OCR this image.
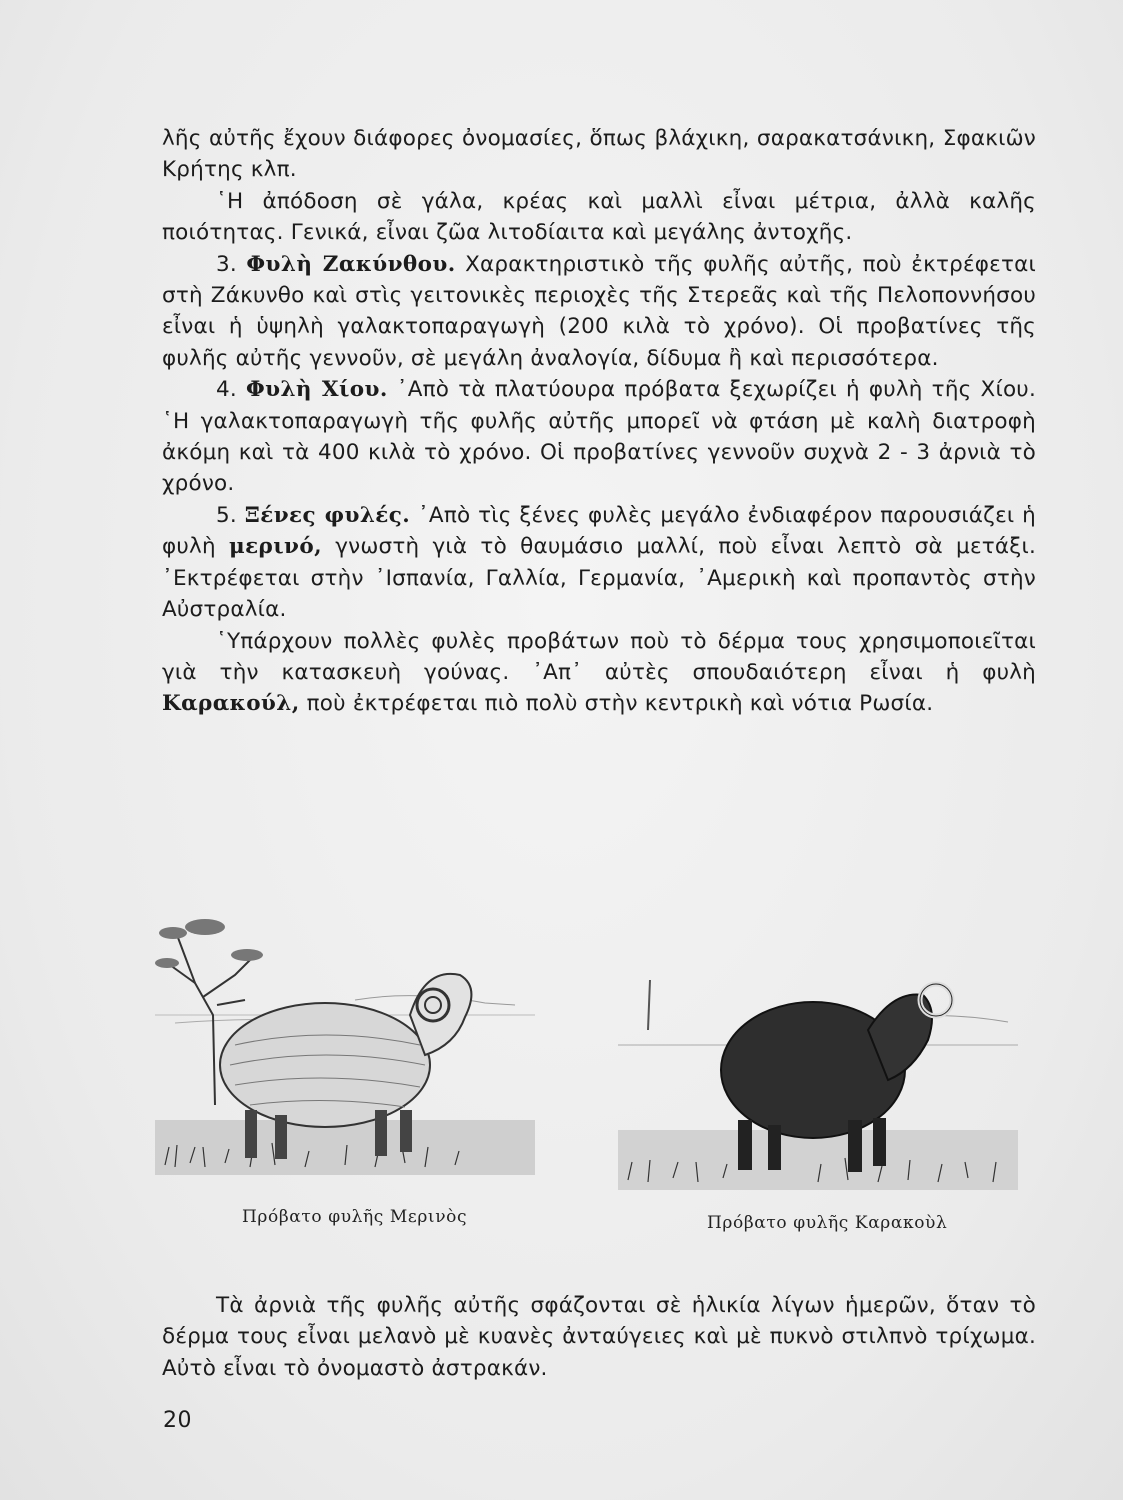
λῆς αὐτῆς ἔχουν διάφορες ὀνομασίες, ὅπως βλάχικη, σαρακατσάνικη, Σφακιῶν Κρήτης κλπ.

῾Η ἀπόδοση σὲ γάλα, κρέας καὶ μαλλὶ εἶναι μέτρια, ἀλλὰ καλῆς ποιότητας. Γενικά, εἶναι ζῶα λιτοδίαιτα καὶ μεγάλης ἀντοχῆς.

3. Φυλὴ Ζακύνθου. Χαρακτηριστικὸ τῆς φυλῆς αὐτῆς, ποὺ ἐκτρέφεται στὴ Ζάκυνθο καὶ στὶς γειτονικὲς περιοχὲς τῆς Στερεᾶς καὶ τῆς Πελοποννήσου εἶναι ἡ ὑψηλὴ γαλακτοπαραγωγὴ (200 κιλὰ τὸ χρόνο). Οἱ προβατίνες τῆς φυλῆς αὐτῆς γεννοῦν, σὲ μεγάλη ἀναλογία, δίδυμα ἢ καὶ περισσότερα.

4. Φυλὴ Χίου. ᾿Απὸ τὰ πλατύουρα πρόβατα ξεχωρίζει ἡ φυλὴ τῆς Χίου. ῾Η γαλακτοπαραγωγὴ τῆς φυλῆς αὐτῆς μπορεῖ νὰ φτάση μὲ καλὴ διατροφὴ ἀκόμη καὶ τὰ 400 κιλὰ τὸ χρόνο. Οἱ προβατίνες γεννοῦν συχνὰ 2 - 3 ἀρνιὰ τὸ χρόνο.

5. Ξένες φυλές. ᾿Απὸ τὶς ξένες φυλὲς μεγάλο ἐνδιαφέρον παρουσιάζει ἡ φυλὴ μερινό, γνωστὴ γιὰ τὸ θαυμάσιο μαλλί, ποὺ εἶναι λεπτὸ σὰ μετάξι. ᾿Εκτρέφεται στὴν ᾿Ισπανία, Γαλλία, Γερμανία, ᾿Αμερικὴ καὶ προπαντὸς στὴν Αὐστραλία.

῾Υπάρχουν πολλὲς φυλὲς προβάτων ποὺ τὸ δέρμα τους χρησιμοποιεῖται γιὰ τὴν κατασκευὴ γούνας. ᾿Απ᾿ αὐτὲς σπουδαιότερη εἶναι ἡ φυλὴ Καρακούλ, ποὺ ἐκτρέφεται πιὸ πολὺ στὴν κεντρικὴ καὶ νότια Ρωσία.

Πρόβατο φυλῆς Μερινὸς	Πρόβατο φυλῆς Καρακοὺλ

Τὰ ἀρνιὰ τῆς φυλῆς αὐτῆς σφάζονται σὲ ἡλικία λίγων ἡμερῶν, ὅταν τὸ δέρμα τους εἶναι μελανὸ μὲ κυανὲς ἀνταύγειες καὶ μὲ πυκνὸ στιλπνὸ τρίχωμα. Αὐτὸ εἶναι τὸ ὀνομαστὸ ἀστρακάν.

20
